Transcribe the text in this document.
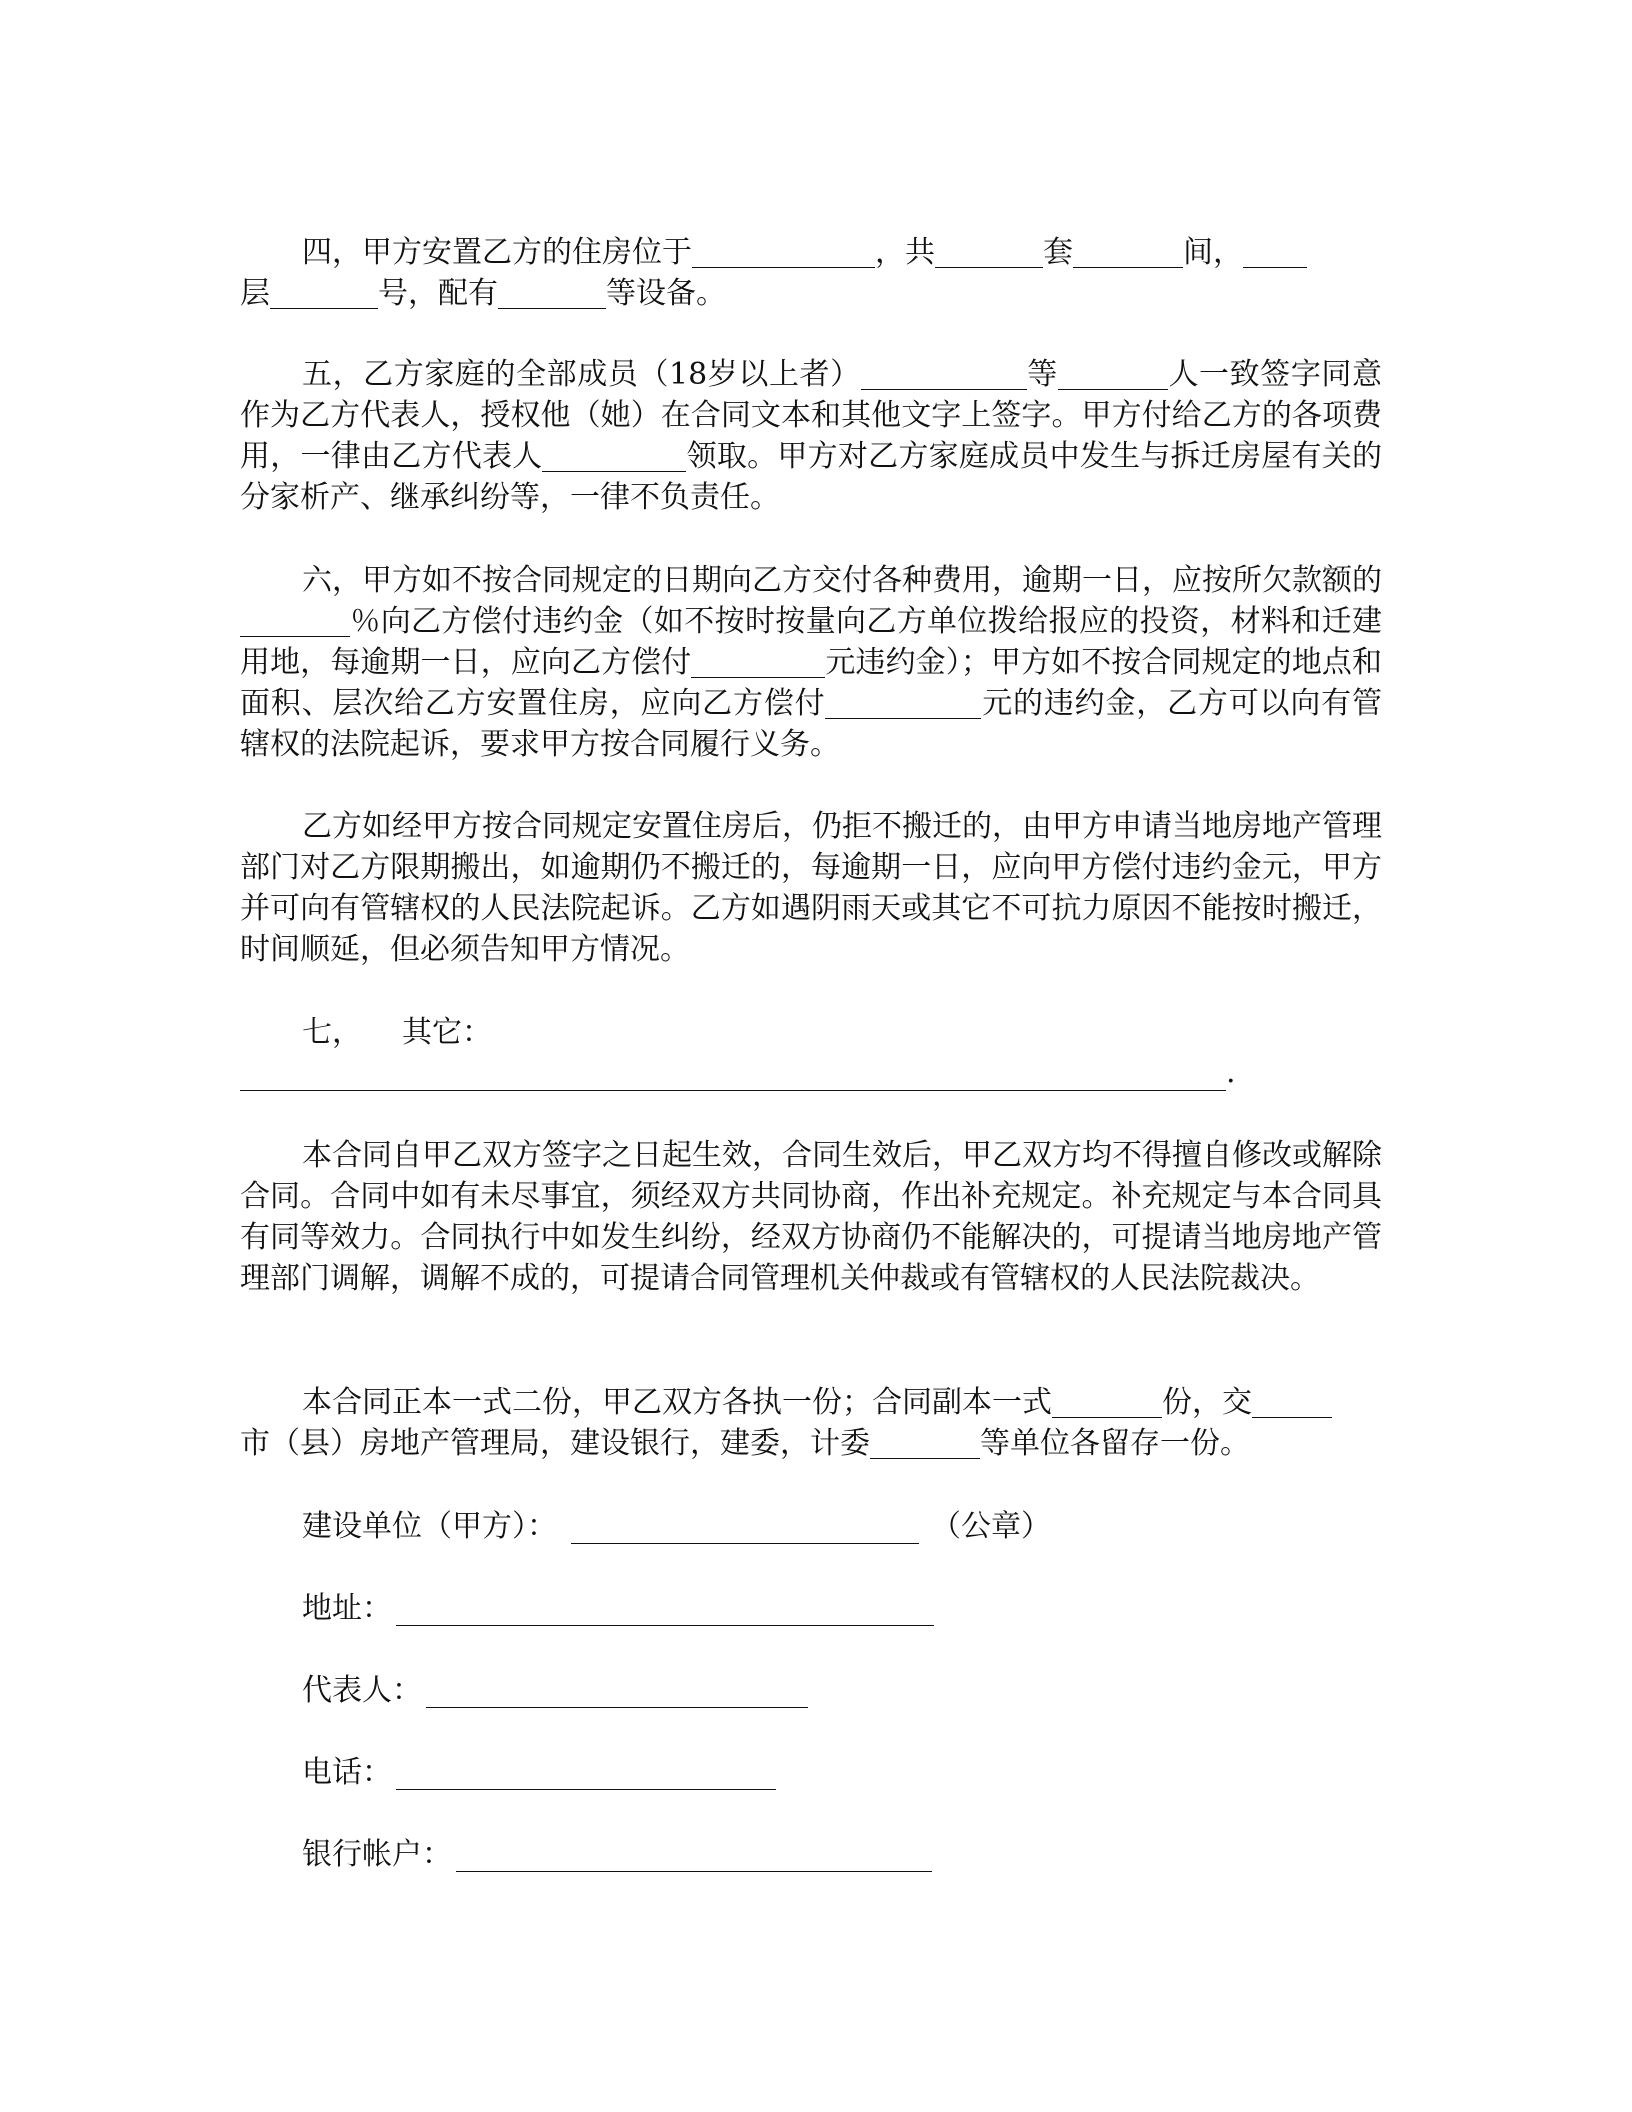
四，甲方安置乙方的住房位于	，共	套	间，
层	号，配有	等设备。

五，乙方家庭的全部成员（18岁以上者）	等	人一致签字同意作为乙方代表人，授权他（她）在合同文本和其他文字上签字。甲方付给乙方的各项费用，一律由乙方代表人	领取。甲方对乙方家庭成员中发生与拆迁房屋有关的分家析产、继承纠纷等，一律不负责任。

六，甲方如不按合同规定的日期向乙方交付各种费用，逾期一日，应按所欠款额的％向乙方偿付违约金（如不按时按量向乙方单位拨给报应的投资，材料和迁建用地，每逾期一日，应向乙方偿付	元违约金）；甲方如不按合同规定的地点和面积、层次给乙方安置住房，应向乙方偿付	元的违约金，乙方可以向有管辖权的法院起诉，要求甲方按合同履行义务。

乙方如经甲方按合同规定安置住房后，仍拒不搬迁的，由甲方申请当地房地产管理部门对乙方限期搬出，如逾期仍不搬迁的，每逾期一日，应向甲方偿付违约金元，甲方并可向有管辖权的人民法院起诉。乙方如遇阴雨天或其它不可抗力原因不能按时搬迁，时间顺延，但必须告知甲方情况。

七， 其它：
.

本合同自甲乙双方签字之日起生效，合同生效后，甲乙双方均不得擅自修改或解除合同。合同中如有未尽事宜，须经双方共同协商，作出补充规定。补充规定与本合同具有同等效力。合同执行中如发生纠纷，经双方协商仍不能解决的，可提请当地房地产管理部门调解，调解不成的，可提请合同管理机关仲裁或有管辖权的人民法院裁决。

本合同正本一式二份，甲乙双方各执一份；合同副本一式	份，交
市（县）房地产管理局，建设银行，建委，计委	等单位各留存一份。

建设单位（甲方）：	（公章）
地址：
代表人：
电话：
银行帐户：
